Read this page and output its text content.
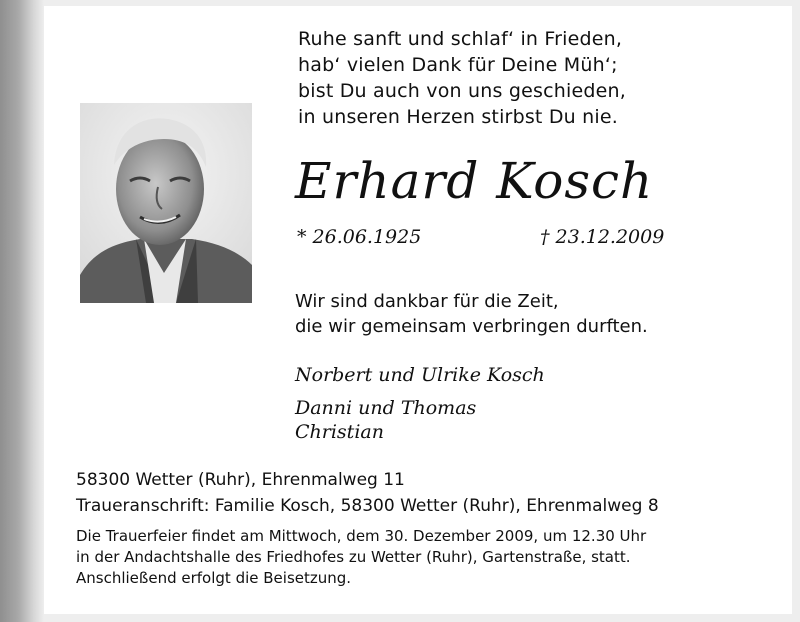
Ruhe sanft und schlaf‘ in Frieden,
hab‘ vielen Dank für Deine Müh‘;
bist Du auch von uns geschieden,
in unseren Herzen stirbst Du nie.
Erhard Kosch
* 26.06.1925	† 23.12.2009
Wir sind dankbar für die Zeit,
die wir gemeinsam verbringen durften.
Norbert und Ulrike Kosch
Danni und Thomas
Christian
58300 Wetter (Ruhr), Ehrenmalweg 11
Traueranschrift: Familie Kosch, 58300 Wetter (Ruhr), Ehrenmalweg 8
Die Trauerfeier findet am Mittwoch, dem 30. Dezember 2009, um 12.30 Uhr
in der Andachtshalle des Friedhofes zu Wetter (Ruhr), Gartenstraße, statt.
Anschließend erfolgt die Beisetzung.
